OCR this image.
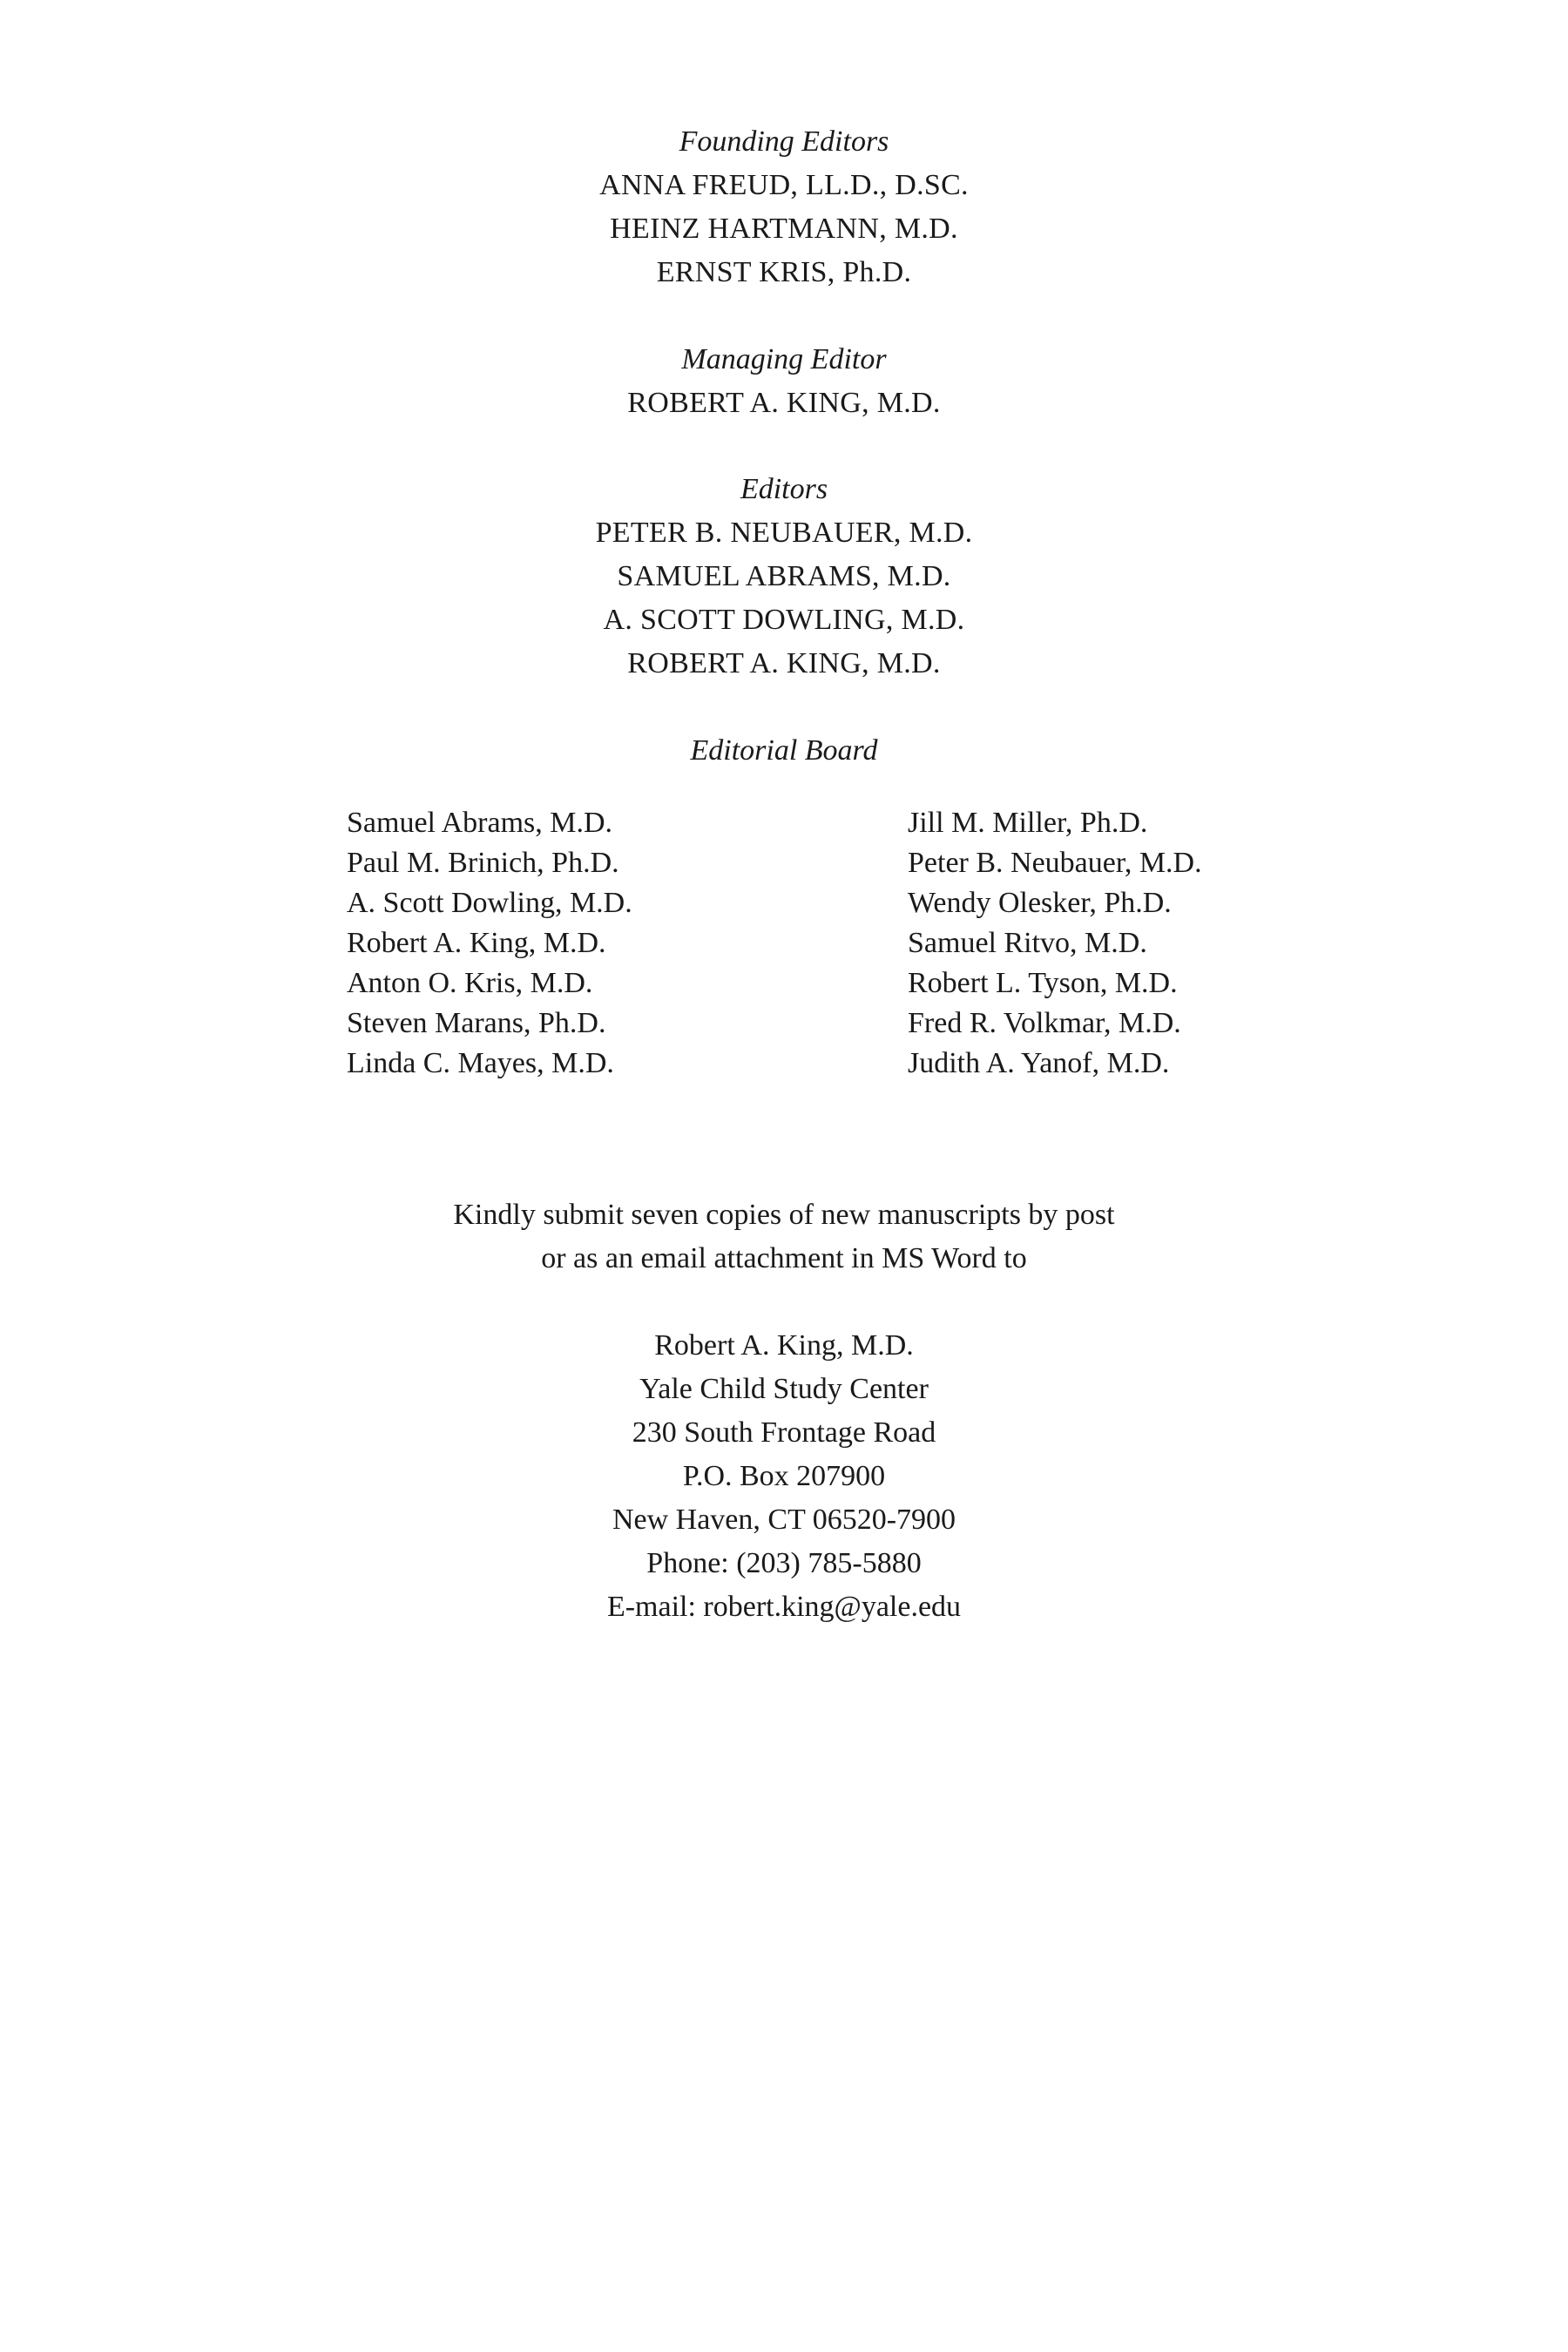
Founding Editors
ANNA FREUD, LL.D., D.SC.
HEINZ HARTMANN, M.D.
ERNST KRIS, Ph.D.
Managing Editor
ROBERT A. KING, M.D.
Editors
PETER B. NEUBAUER, M.D.
SAMUEL ABRAMS, M.D.
A. SCOTT DOWLING, M.D.
ROBERT A. KING, M.D.
Editorial Board
Samuel Abrams, M.D.
Paul M. Brinich, Ph.D.
A. Scott Dowling, M.D.
Robert A. King, M.D.
Anton O. Kris, M.D.
Steven Marans, Ph.D.
Linda C. Mayes, M.D.
Jill M. Miller, Ph.D.
Peter B. Neubauer, M.D.
Wendy Olesker, Ph.D.
Samuel Ritvo, M.D.
Robert L. Tyson, M.D.
Fred R. Volkmar, M.D.
Judith A. Yanof, M.D.
Kindly submit seven copies of new manuscripts by post
or as an email attachment in MS Word to
Robert A. King, M.D.
Yale Child Study Center
230 South Frontage Road
P.O. Box 207900
New Haven, CT 06520-7900
Phone: (203) 785-5880
E-mail: robert.king@yale.edu
